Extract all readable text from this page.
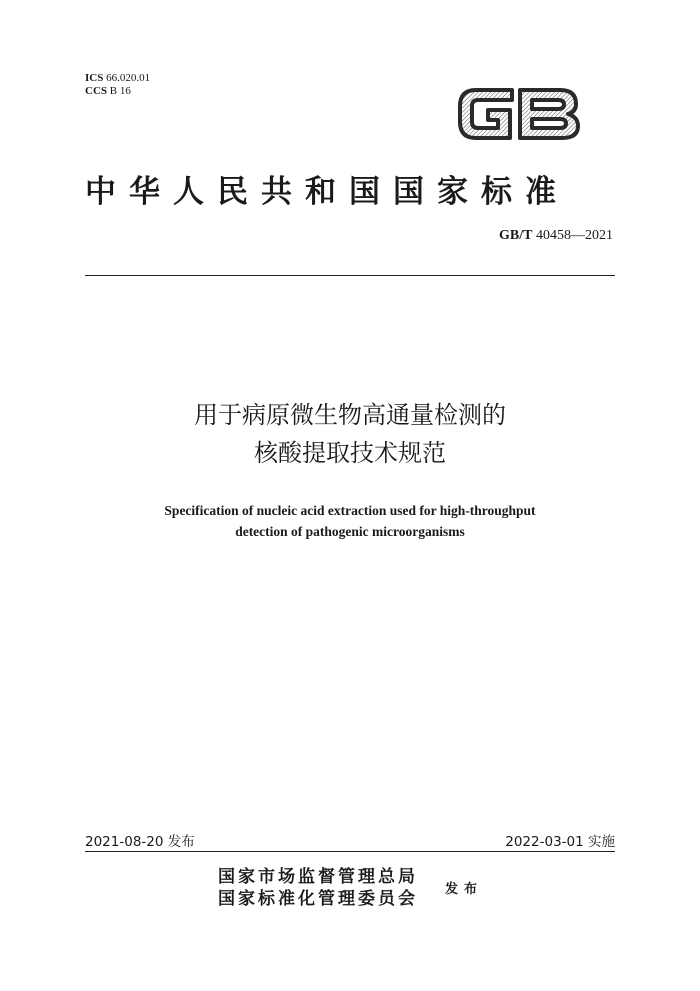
ICS 66.020.01
CCS B 16
中华人民共和国国家标准
GB/T 40458—2021
用于病原微生物高通量检测的
核酸提取技术规范
Specification of nucleic acid extraction used for high-throughput
detection of pathogenic microorganisms
2021-08-20 发布	2022-03-01 实施
国家市场监督管理总局
国家标准化管理委员会 发布
